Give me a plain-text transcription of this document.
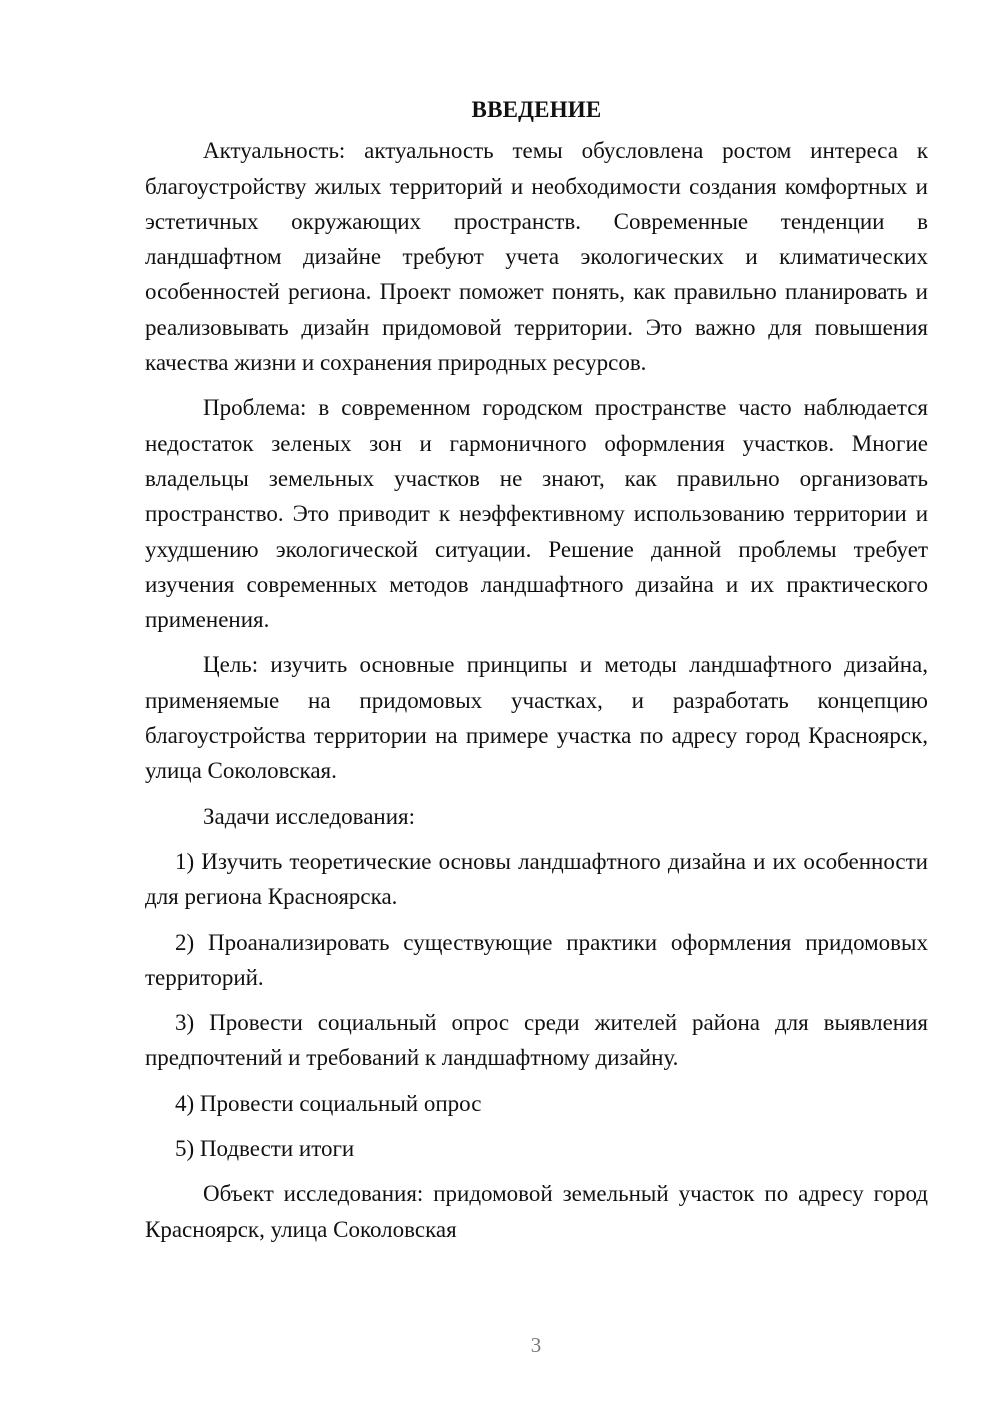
ВВЕДЕНИЕ

Актуальность: актуальность темы обусловлена ростом интереса к благоустройству жилых территорий и необходимости создания комфортных и эстетичных окружающих пространств. Современные тенденции в ландшафтном дизайне требуют учета экологических и климатических особенностей региона. Проект поможет понять, как правильно планировать и реализовывать дизайн придомовой территории. Это важно для повышения качества жизни и сохранения природных ресурсов.

Проблема: в современном городском пространстве часто наблюдается недостаток зеленых зон и гармоничного оформления участков. Многие владельцы земельных участков не знают, как правильно организовать пространство. Это приводит к неэффективному использованию территории и ухудшению экологической ситуации. Решение данной проблемы требует изучения современных методов ландшафтного дизайна и их практического применения.

Цель: изучить основные принципы и методы ландшафтного дизайна, применяемые на придомовых участках, и разработать концепцию благоустройства территории на примере участка по адресу город Красноярск, улица Соколовская.

Задачи исследования:

1) Изучить теоретические основы ландшафтного дизайна и их особенности для региона Красноярска.

2) Проанализировать существующие практики оформления придомовых территорий.

3) Провести социальный опрос среди жителей района для выявления предпочтений и требований к ландшафтному дизайну.

4) Провести социальный опрос

5) Подвести итоги

Объект исследования: придомовой земельный участок по адресу город Красноярск, улица Соколовская

3
